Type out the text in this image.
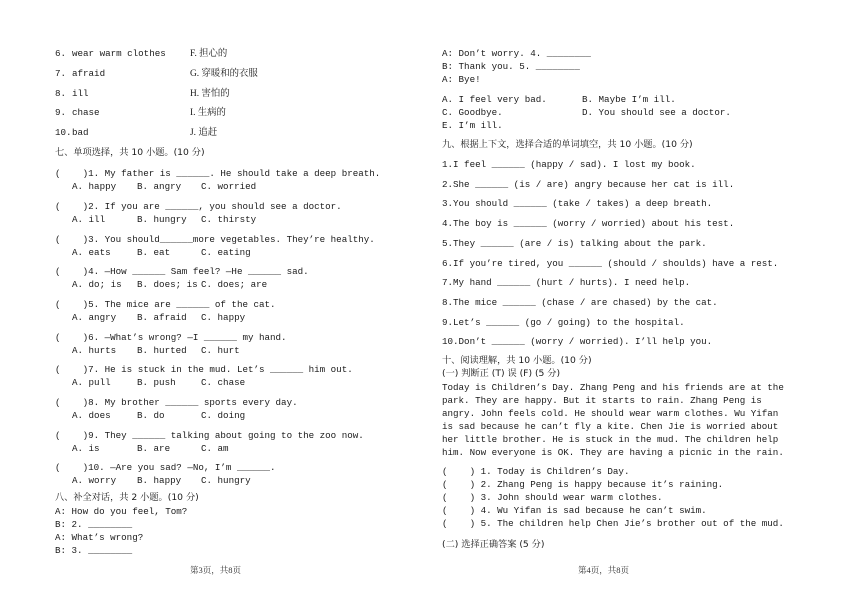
6. wear warm clothes	F. 担心的
7. afraid	G. 穿暖和的衣服
8. ill	H. 害怕的
9. chase	I. 生病的
10. bad	J. 追赶
七、单项选择，共 10 小题。(10 分)
(    )1. My father is ______. He should take a deep breath.
A. happy B. angry C. worried
(    )2. If you are ______, you should see a doctor.
A. ill	B. hungry C. thirsty
(    )3. You should______more vegetables. They’re healthy.
A. eats	B. eat	C. eating
(    )4. —How ______ Sam feel? —He ______ sad.
A. do; is B. does; is C. does; are
(    )5. The mice are ______ of the cat.
A. angry B. afraid C. happy
(    )6. —What’s wrong? —I ______ my hand.
A. hurts B. hurted C. hurt
(    )7. He is stuck in the mud. Let’s ______ him out.
A. pull	B. push	C. chase
(    )8. My brother ______ sports every day.
A. does	B. do	C. doing
(    )9. They ______ talking about going to the zoo now.
A. is	B. are	C. am
(    )10. —Are you sad? —No, I’m ______.
A. worry B. happy C. hungry
八、补全对话，共 2 小题。(10 分)
A: How do you feel, Tom?
B: 2. ________
A: What’s wrong?
B: 3. ________
第3页，共8页
A: Don’t worry. 4. ________
B: Thank you. 5. ________
A: Bye!
A. I feel very bad.	B. Maybe I’m ill.
C. Goodbye.	D. You should see a doctor.
E. I’m ill.
九、根据上下文，选择合适的单词填空，共 10 小题。(10 分)
1.I feel ______ (happy / sad). I lost my book.
2.She ______ (is / are) angry because her cat is ill.
3.You should ______ (take / takes) a deep breath.
4.The boy is ______ (worry / worried) about his test.
5.They ______ (are / is) talking about the park.
6.If you’re tired, you ______ (should / shoulds) have a rest.
7.My hand ______ (hurt / hurts). I need help.
8.The mice ______ (chase / are chased) by the cat.
9.Let’s ______ (go / going) to the hospital.
10.Don’t ______ (worry / worried). I’ll help you.
十、阅读理解，共 10 小题。(10 分)
(一) 判断正 (T) 误 (F) (5 分)
Today is Children’s Day. Zhang Peng and his friends are at the park. They are happy. But it starts to rain. Zhang Peng is angry. John feels cold. He should wear warm clothes. Wu Yifan is sad because he can’t fly a kite. Chen Jie is worried about her little brother. He is stuck in the mud. The children help him. Now everyone is OK. They are having a picnic in the rain.
(    ) 1. Today is Children’s Day.
(    ) 2. Zhang Peng is happy because it’s raining.
(    ) 3. John should wear warm clothes.
(    ) 4. Wu Yifan is sad because he can’t swim.
(    ) 5. The children help Chen Jie’s brother out of the mud.
(二) 选择正确答案 (5 分)
第4页，共8页
